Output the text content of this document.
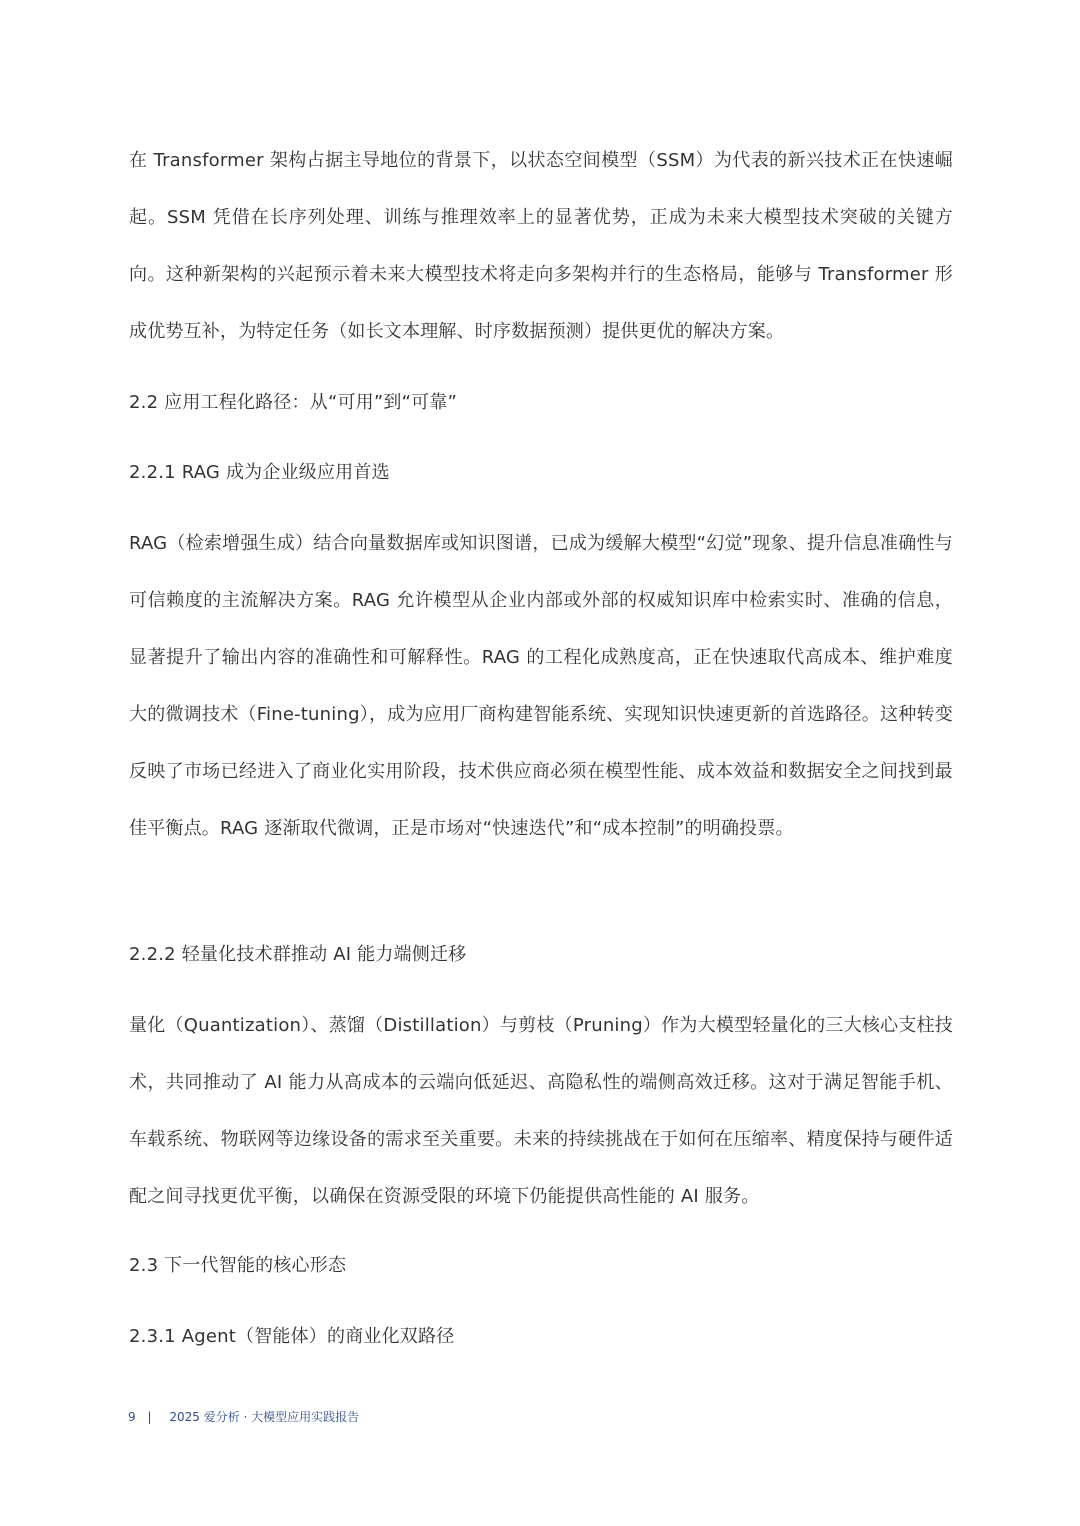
在 Transformer 架构占据主导地位的背景下，以状态空间模型（SSM）为代表的新兴技术正在快速崛起。SSM 凭借在长序列处理、训练与推理效率上的显著优势，正成为未来大模型技术突破的关键方向。这种新架构的兴起预示着未来大模型技术将走向多架构并行的生态格局，能够与 Transformer 形成优势互补，为特定任务（如长文本理解、时序数据预测）提供更优的解决方案。

2.2 应用工程化路径：从“可用”到“可靠”
2.2.1 RAG 成为企业级应用首选

RAG（检索增强生成）结合向量数据库或知识图谱，已成为缓解大模型“幻觉”现象、提升信息准确性与可信赖度的主流解决方案。RAG 允许模型从企业内部或外部的权威知识库中检索实时、准确的信息，显著提升了输出内容的准确性和可解释性。RAG 的工程化成熟度高，正在快速取代高成本、维护难度大的微调技术（Fine-tuning），成为应用厂商构建智能系统、实现知识快速更新的首选路径。这种转变反映了市场已经进入了商业化实用阶段，技术供应商必须在模型性能、成本效益和数据安全之间找到最佳平衡点。RAG 逐渐取代微调，正是市场对“快速迭代”和“成本控制”的明确投票。

2.2.2 轻量化技术群推动 AI 能力端侧迁移

量化（Quantization）、蒸馏（Distillation）与剪枝（Pruning）作为大模型轻量化的三大核心支柱技术，共同推动了 AI 能力从高成本的云端向低延迟、高隐私性的端侧高效迁移。这对于满足智能手机、车载系统、物联网等边缘设备的需求至关重要。未来的持续挑战在于如何在压缩率、精度保持与硬件适配之间寻找更优平衡，以确保在资源受限的环境下仍能提供高性能的 AI 服务。

2.3 下一代智能的核心形态
2.3.1 Agent（智能体）的商业化双路径
9 | 2025 爱分析 · 大模型应用实践报告
